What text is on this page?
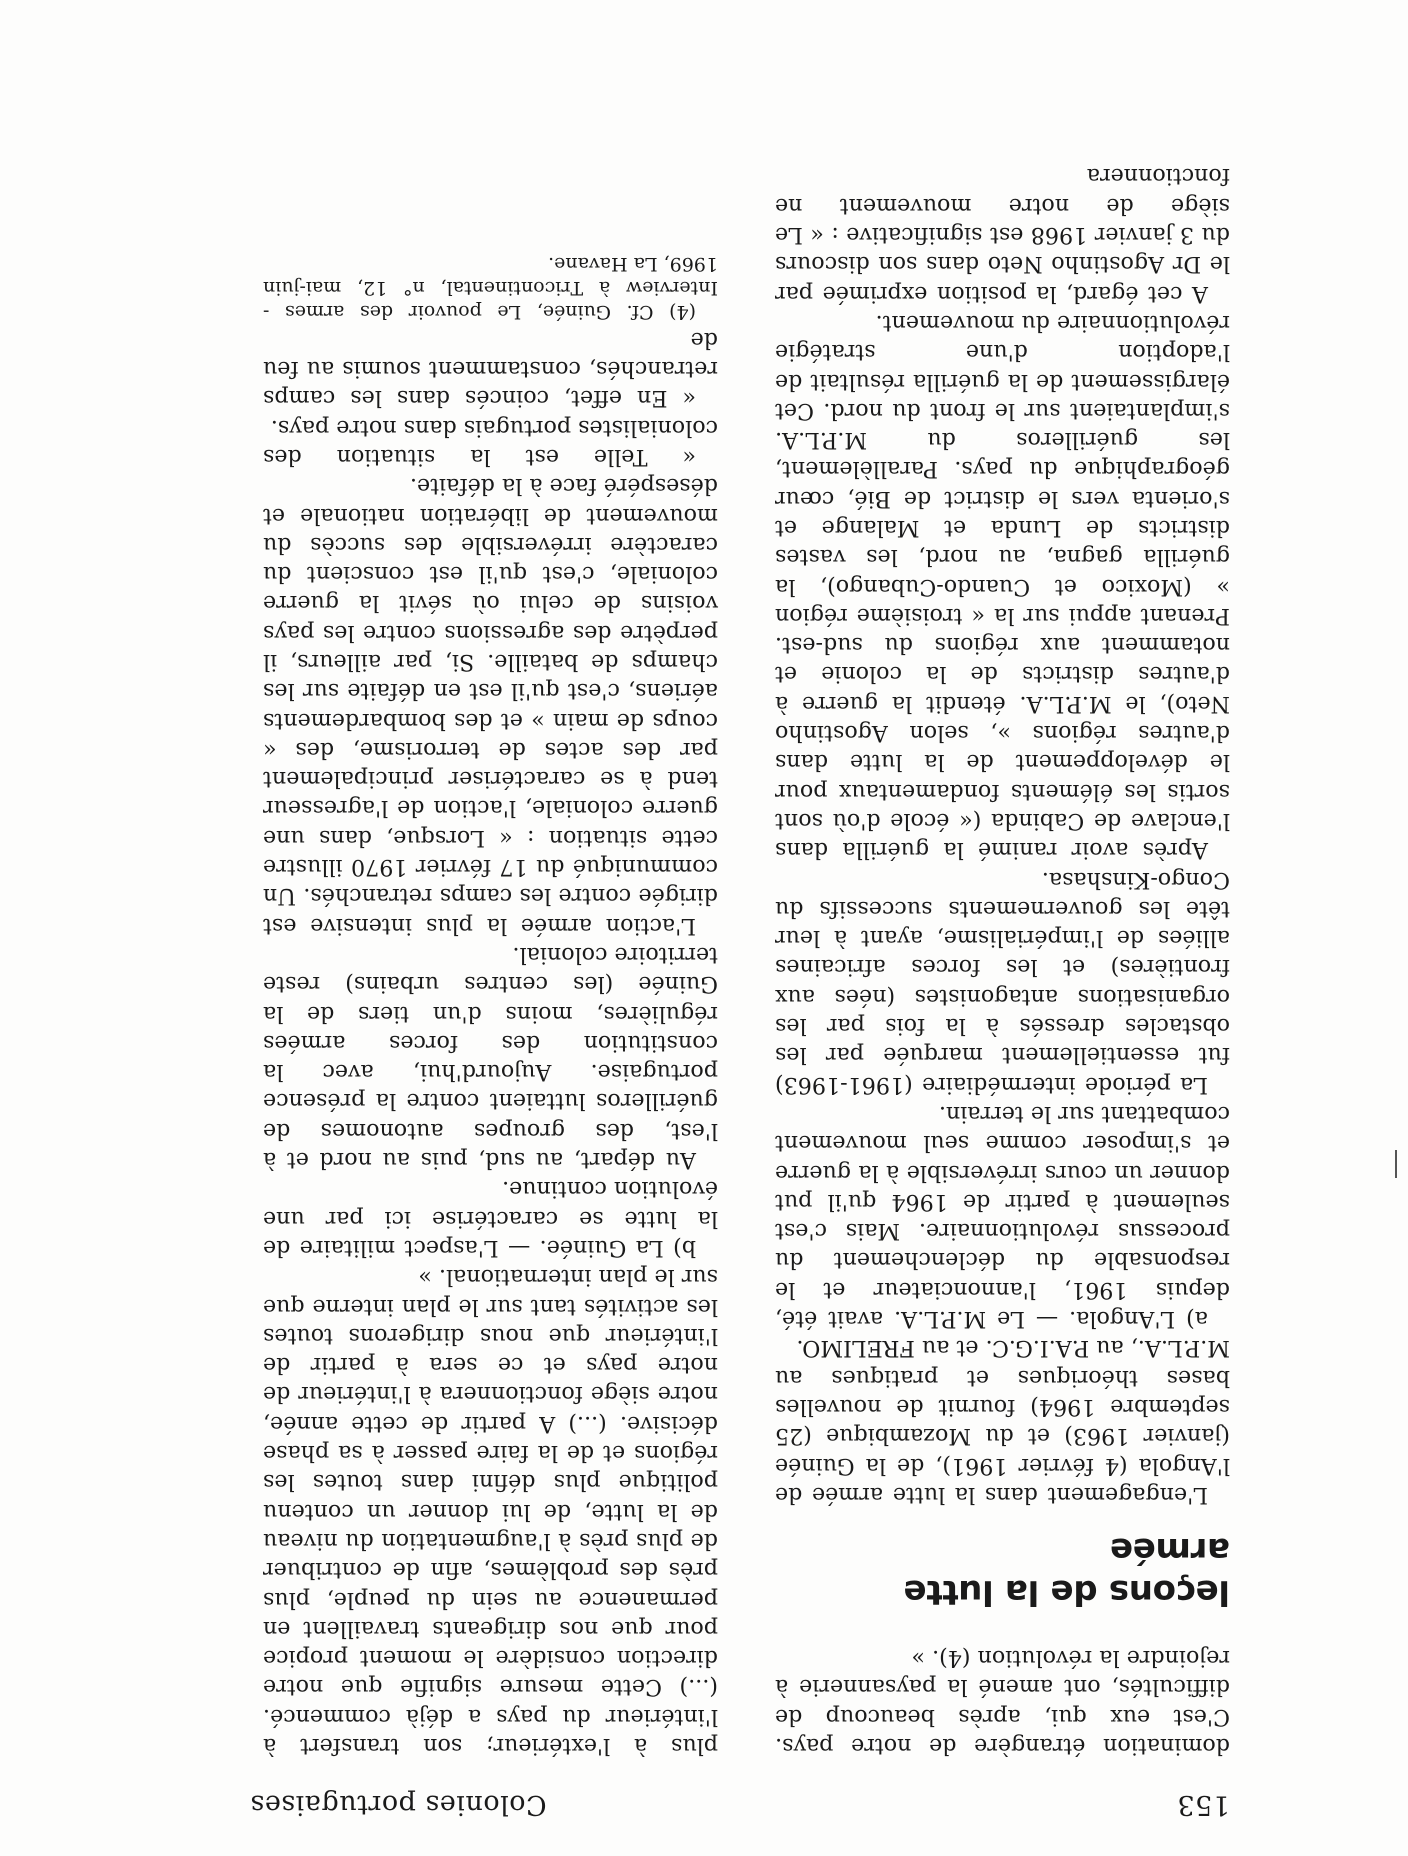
153
Colonies portugaises

domination étrangère de notre pays. C'est eux qui, après beaucoup de difficultés, ont amené la paysannerie à rejoindre la révolution (4). »

leçons de la lutte armée

L'engagement dans la lutte armée de l'Angola (4 février 1961), de la Guinée (janvier 1963) et du Mozambique (25 septembre 1964) fournit de nouvelles bases théoriques et pratiques au M.P.L.A., au P.A.I.G.C. et au FRELIMO.

a) L'Angola. — Le M.P.L.A. avait été, depuis 1961, l'annonciateur et le responsable du déclenchement du processus révolutionnaire. Mais c'est seulement à partir de 1964 qu'il put donner un cours irréversible à la guerre et s'imposer comme seul mouvement combattant sur le terrain.

La période intermédiaire (1961-1963) fut essentiellement marquée par les obstacles dressés à la fois par les organisations antagonistes (nées aux frontières) et les forces africaines alliées de l'impérialisme, ayant à leur tête les gouvernements successifs du Congo-Kinshasa.

Après avoir ranimé la guérilla dans l'enclave de Cabinda (« école d'où sont sortis les éléments fondamentaux pour le développement de la lutte dans d'autres régions », selon Agostinho Neto), le M.P.L.A. étendit la guerre à d'autres districts de la colonie et notamment aux régions du sud-est. Prenant appui sur la « troisième région » (Moxico et Cuando-Cubango), la guérilla gagna, au nord, les vastes districts de Lunda et Malange et s'orienta vers le district de Bié, cœur géographique du pays. Parallèlement, les guérilleros du M.P.L.A. s'implantaient sur le front du nord. Cet élargissement de la guérilla résultait de l'adoption d'une stratégie révolutionnaire du mouvement.

A cet égard, la position exprimée par le Dr Agostinho Neto dans son discours du 3 janvier 1968 est significative : « Le siège de notre mouvement ne fonctionnera

plus à l'extérieur; son transfert à l'intérieur du pays a déjà commencé. (...) Cette mesure signifie que notre direction considère le moment propice pour que nos dirigeants travaillent en permanence au sein du peuple, plus près des problèmes, afin de contribuer de plus près à l'augmentation du niveau de la lutte, de lui donner un contenu politique plus défini dans toutes les régions et de la faire passer à sa phase décisive. (...) A partir de cette année, notre siège fonctionnera à l'intérieur de notre pays et ce sera à partir de l'intérieur que nous dirigerons toutes les activités tant sur le plan interne que sur le plan international. »

b) La Guinée. — L'aspect militaire de la lutte se caractérise ici par une évolution continue.

Au départ, au sud, puis au nord et à l'est, des groupes autonomes de guérilleros luttaient contre la présence portugaise. Aujourd'hui, avec la constitution des forces armées régulières, moins d'un tiers de la Guinée (les centres urbains) reste territoire colonial.

L'action armée la plus intensive est dirigée contre les camps retranchés. Un communiqué du 17 février 1970 illustre cette situation : « Lorsque, dans une guerre coloniale, l'action de l'agresseur tend à se caractériser principalement par des actes de terrorisme, des « coups de main » et des bombardements aériens, c'est qu'il est en défaite sur les champs de bataille. Si, par ailleurs, il perpètre des agressions contre les pays voisins de celui où sévit la guerre coloniale, c'est qu'il est conscient du caractère irréversible des succès du mouvement de libération nationale et désespéré face à la défaite.

« Telle est la situation des colonialistes portugais dans notre pays.

« En effet, coincés dans les camps retranchés, constamment soumis au feu de

(4) Cf. Guinée, Le pouvoir des armes - Interview à Tricontinental, n° 12, mai-juin 1969, La Havane.
